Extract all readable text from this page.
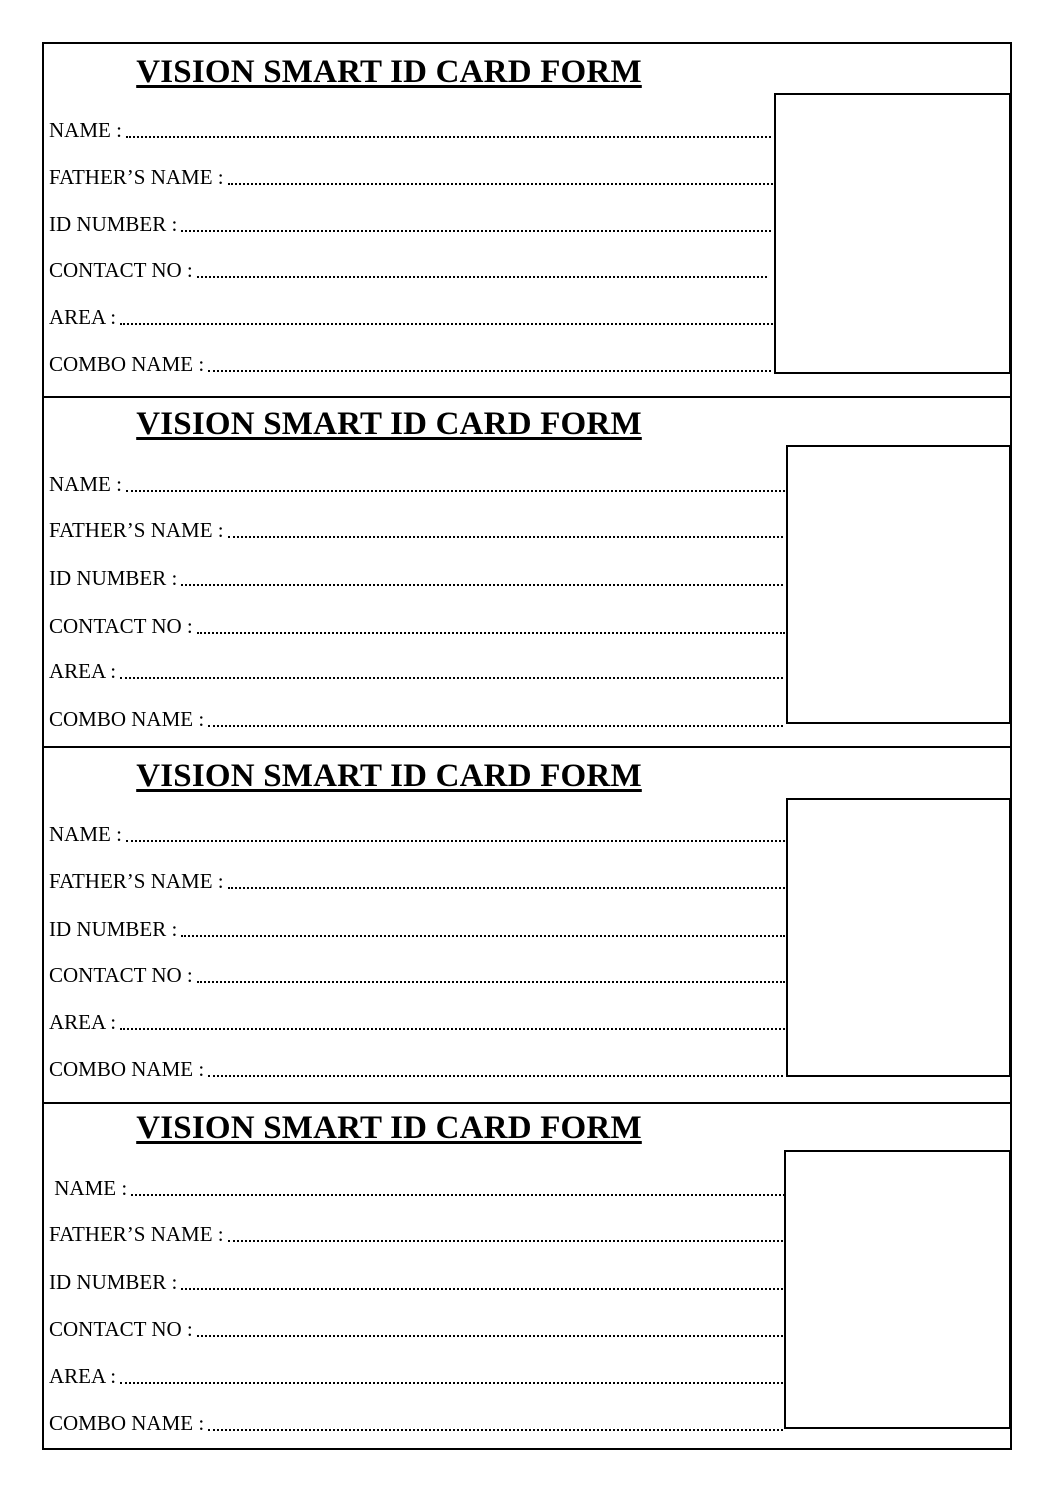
VISION SMART ID CARD FORM
NAME :
FATHER’S NAME :
ID NUMBER :
CONTACT NO :
AREA :
COMBO NAME :
VISION SMART ID CARD FORM
NAME :
FATHER’S NAME :
ID NUMBER :
CONTACT NO :
AREA :
COMBO NAME :
VISION SMART ID CARD FORM
NAME :
FATHER’S NAME :
ID NUMBER :
CONTACT NO :
AREA :
COMBO NAME :
VISION SMART ID CARD FORM
NAME :
FATHER’S NAME :
ID NUMBER :
CONTACT NO :
AREA :
COMBO NAME :
